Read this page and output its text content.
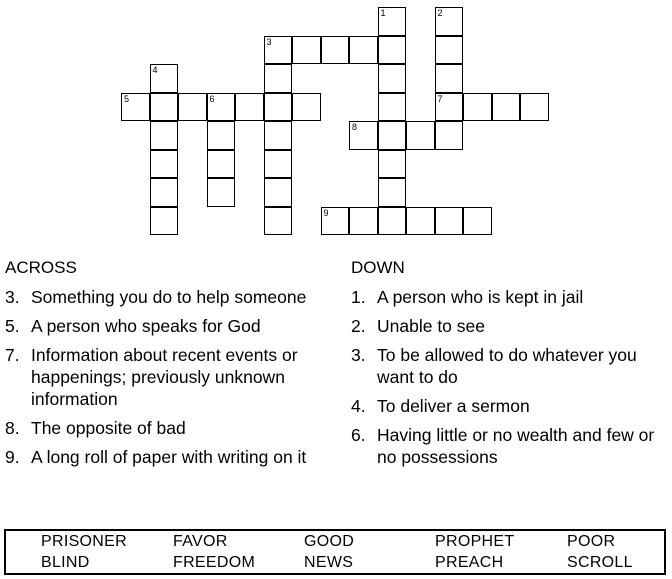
1	2
7
3
4
5	6
8
9
ACROSS
3. Something you do to help someone
5. A person who speaks for God
7. Information about recent events or happenings; previously unknown information
8. The opposite of bad
9. A long roll of paper with writing on it
DOWN
1. A person who is kept in jail
2. Unable to see
3. To be allowed to do whatever you want to do
4. To deliver a sermon
6. Having little or no wealth and few or no possessions
PRISONER	FAVOR	GOOD	PROPHET	POOR
BLIND	FREEDOM	NEWS	PREACH	SCROLL
